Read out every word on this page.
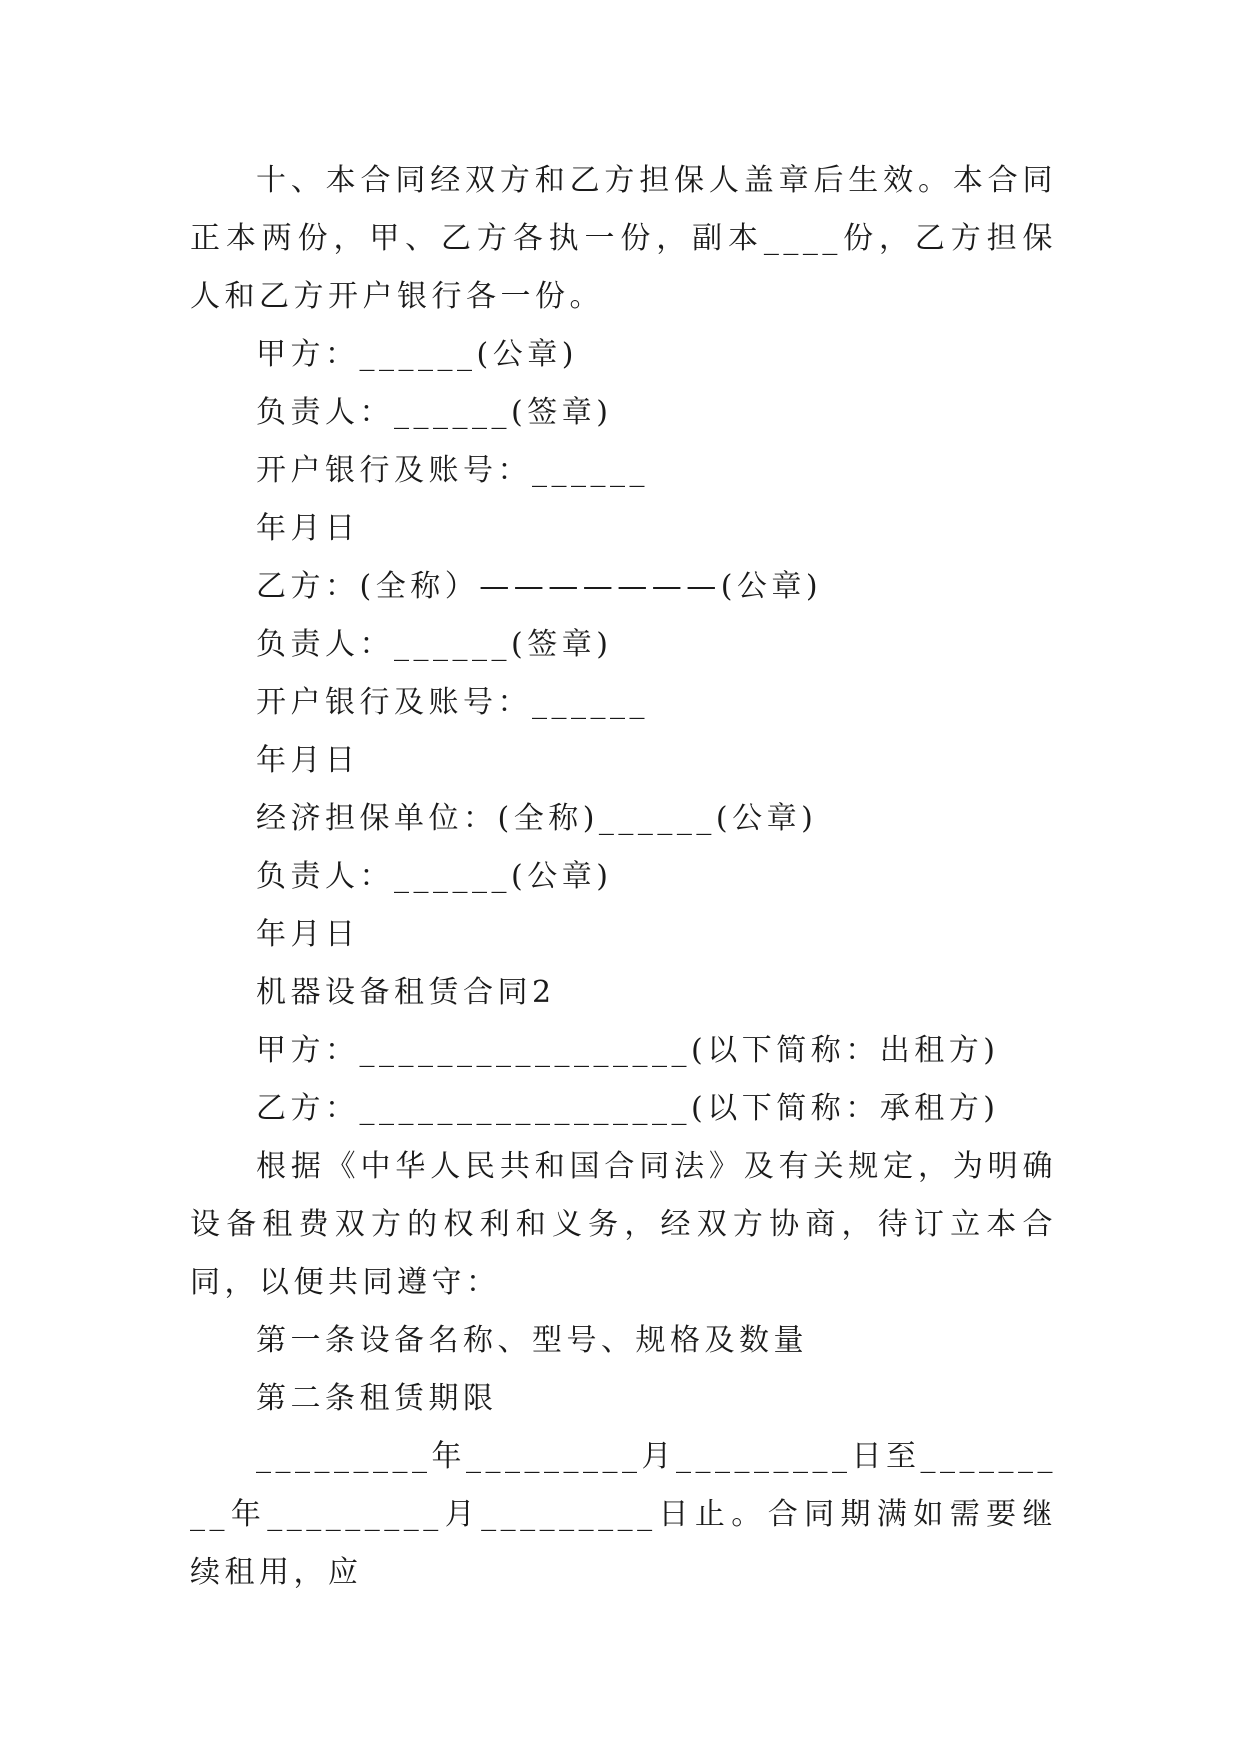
十、本合同经双方和乙方担保人盖章后生效。本合同正本两份，甲、乙方各执一份，副本____份，乙方担保人和乙方开户银行各一份。

甲方：______(公章)

负责人：______(签章)

开户银行及账号：______

年月日

乙方：(全称）———————(公章)

负责人：______(签章)

开户银行及账号：______

年月日

经济担保单位：(全称)______(公章)

负责人：______(公章)

年月日

机器设备租赁合同2

甲方：_________________(以下简称：出租方)

乙方：_________________(以下简称：承租方)

根据《中华人民共和国合同法》及有关规定，为明确设备租费双方的权利和义务，经双方协商，待订立本合同，以便共同遵守：

第一条设备名称、型号、规格及数量

第二条租赁期限

_________年_________月_________日至_________年_________月_________日止。合同期满如需要继续租用，应
